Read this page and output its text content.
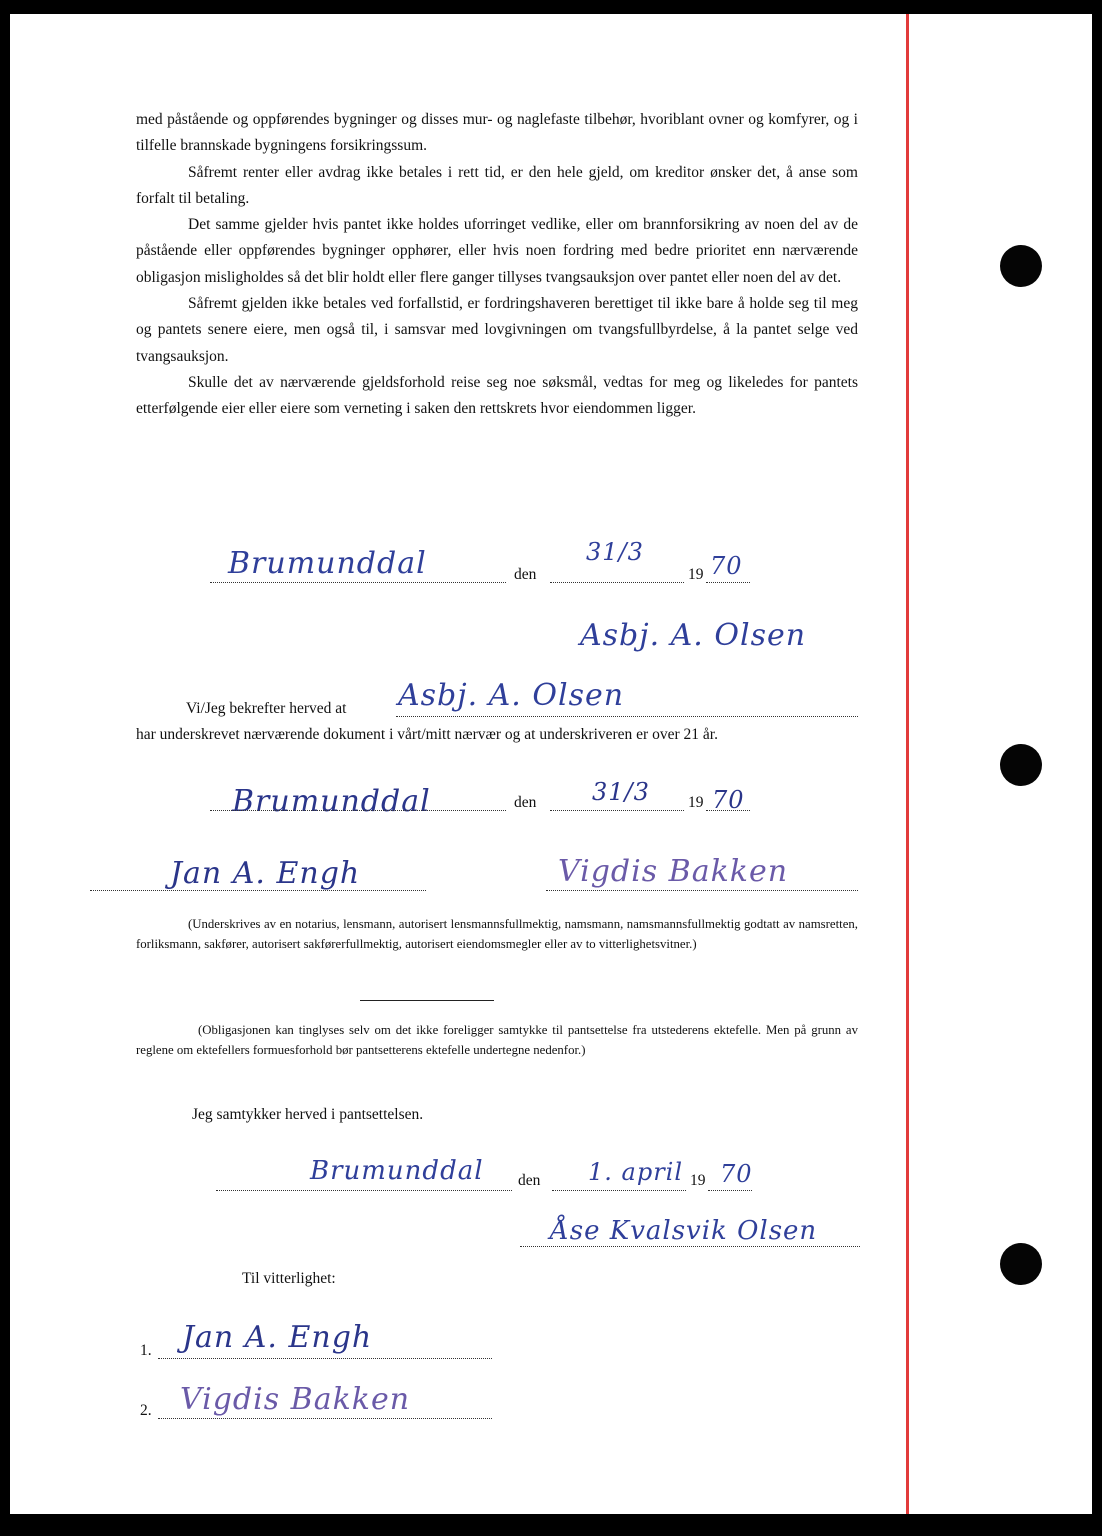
med påstående og oppførendes bygninger og disses mur- og naglefaste tilbehør, hvoriblant ovner og komfyrer, og i tilfelle brannskade bygningens forsikringssum.

Såfremt renter eller avdrag ikke betales i rett tid, er den hele gjeld, om kreditor ønsker det, å anse som forfalt til betaling.

Det samme gjelder hvis pantet ikke holdes uforringet vedlike, eller om brannforsikring av noen del av de påstående eller oppførendes bygninger opphører, eller hvis noen fordring med bedre prioritet enn nærværende obligasjon misligholdes så det blir holdt eller flere ganger tillyses tvangsauksjon over pantet eller noen del av det.

Såfremt gjelden ikke betales ved forfallstid, er fordringshaveren berettiget til ikke bare å holde seg til meg og pantets senere eiere, men også til, i samsvar med lovgivningen om tvangsfullbyrdelse, å la pantet selge ved tvangsauksjon.

Skulle det av nærværende gjeldsforhold reise seg noe søksmål, vedtas for meg og likeledes for pantets etterfølgende eier eller eiere som verneting i saken den rettskrets hvor eiendommen ligger.

Brumunddal	den
31/3
19 70
Asbj. A. Olsen
Vi/Jeg bekrefter herved at Asbj. A. Olsen
har underskrevet nærværende dokument i vårt/mitt nærvær og at underskriveren er over 21 år.
Brumunddal	den 31/3 19 70
Jan A. Engh	Vigdis Bakken
(Underskrives av en notarius, lensmann, autorisert lensmannsfullmektig, namsmann, namsmannsfullmektig godtatt av namsretten, forliksmann, sakfører, autorisert sakførerfullmektig, autorisert eiendomsmegler eller av to vitterlighetsvitner.)
(Obligasjonen kan tinglyses selv om det ikke foreligger samtykke til pantsettelse fra utstederens ektefelle. Men på grunn av reglene om ektefellers formuesforhold bør pantsetterens ektefelle undertegne nedenfor.)
Jeg samtykker herved i pantsettelsen.
Brumunddal den 1. april 19 70
Åse Kvalsvik Olsen
Til vitterlighet:
1. Jan A. Engh
2. Vigdis Bakken
